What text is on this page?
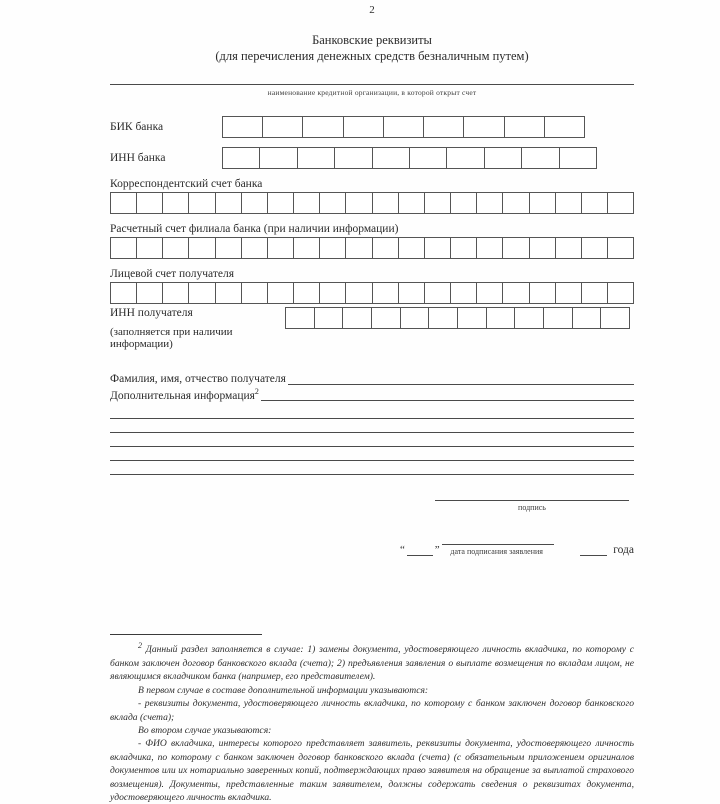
2
Банковские реквизиты
(для перечисления денежных средств безналичным путем)
наименование кредитной организации, в которой открыт счет
БИК банка
ИНН банка
Корреспондентский счет банка
Расчетный счет филиала банка (при наличии информации)
Лицевой счет получателя
ИНН получателя
(заполняется при наличии информации)
Фамилия, имя, отчество получателя
Дополнительная информация$^2$
подпись
“	”	дата подписания заявления	года

$^2$ Данный раздел заполняется в случае: 1) замены документа, удостоверяющего личность вкладчика, по которому с банком заключен договор банковского вклада (счета); 2) предъявления заявления о выплате возмещения по вкладам лицом, не являющимся вкладчиком банка (например, его представителем).

В первом случае в составе дополнительной информации указываются:

- реквизиты документа, удостоверяющего личность вкладчика, по которому с банком заключен договор банковского вклада (счета);

Во втором случае указываются:

- ФИО вкладчика, интересы которого представляет заявитель, реквизиты документа, удостоверяющего личность вкладчика, по которому с банком заключен договор банковского вклада (счета) (с обязательным приложением оригиналов документов или их нотариально заверенных копий, подтверждающих право заявителя на обращение за выплатой страхового возмещения). Документы, представленные таким заявителем, должны содержать сведения о реквизитах документа, удостоверяющего личность вкладчика.
